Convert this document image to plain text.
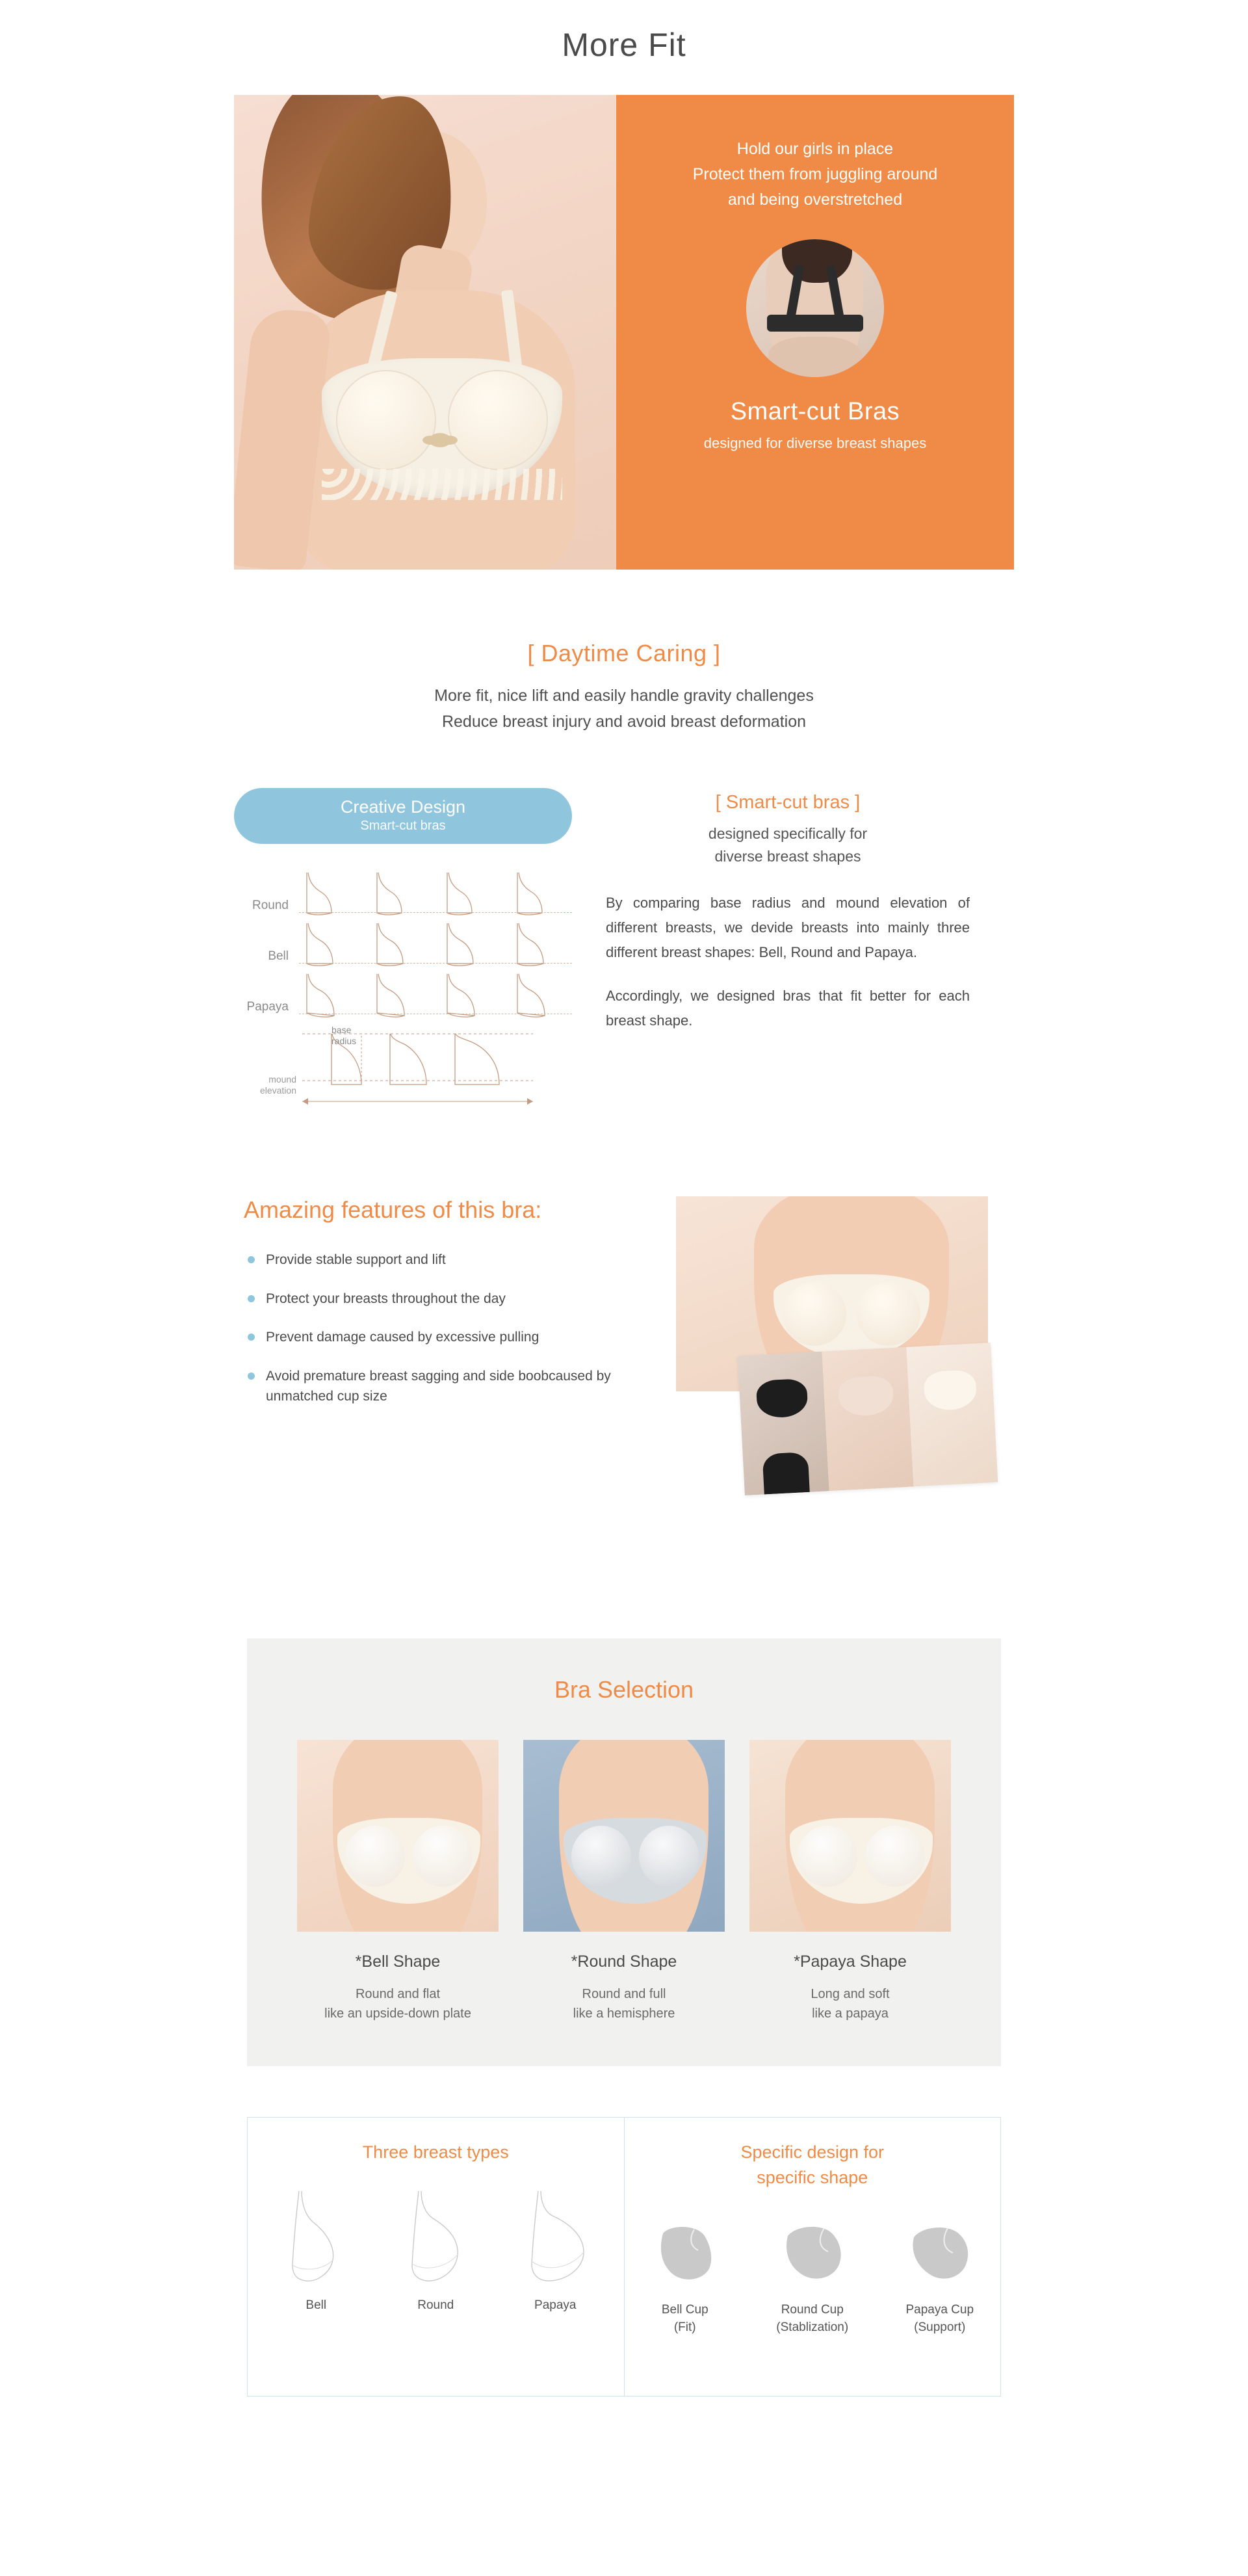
More Fit
Hold our girls in place
Protect them from juggling around
and being overstretched
Smart-cut Bras
designed for diverse breast shapes
[ Daytime Caring ]

More fit, nice lift and easily handle gravity challenges

Reduce breast injury and avoid breast deformation

Creative Design
Smart-cut bras
Round
Bell
Papaya
base
radius
mound
elevation
[ Smart-cut bras ]
designed specifically for
diverse breast shapes

By comparing base radius and mound elevation of different breasts, we devide breasts into mainly three different breast shapes: Bell, Round and Papaya.

Accordingly, we designed bras that fit better for each breast shape.

Amazing features of this bra:
Provide stable support and lift
Protect your breasts throughout the day
Prevent damage caused by excessive pulling
Avoid premature breast sagging and side boobcaused by unmatched cup size
Bra Selection
*Bell Shape
Round and flat
like an upside-down plate
*Round Shape
Round and full
like a hemisphere
*Papaya Shape
Long and soft
like a papaya
Three breast types
Bell	Round	Papaya
Specific design for
specific shape
Bell Cup
(Fit)
Round Cup
(Stablization)
Papaya Cup
(Support)
